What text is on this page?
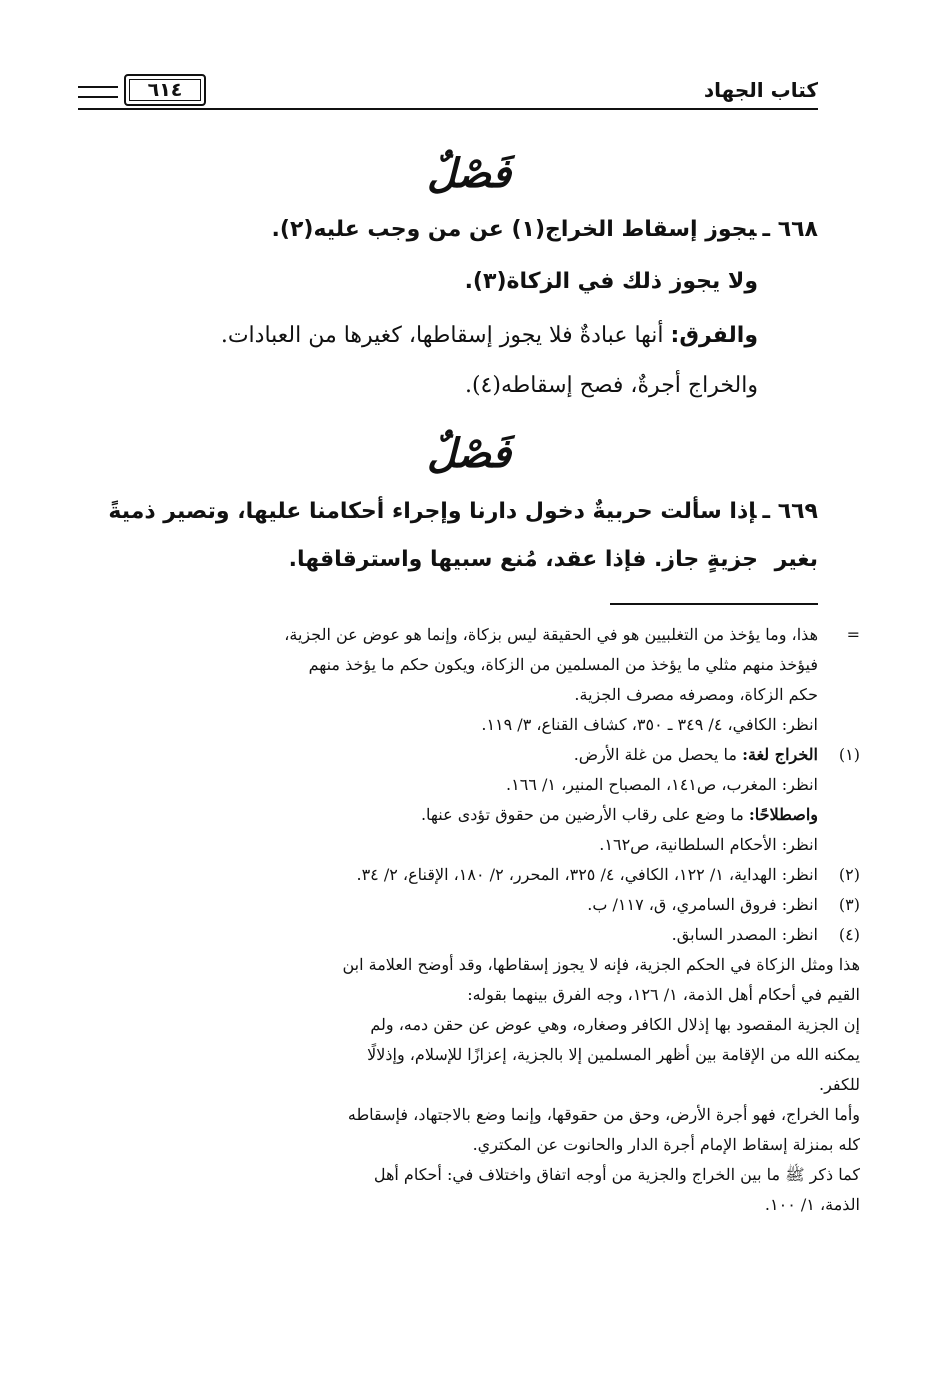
كتاب الجهاد
٦١٤
فَصْلٌ
٦٦٨ ـيجوز إسقاط الخراج(١) عن من وجب عليه(٢).
ولا يجوز ذلك في الزكاة(٣).
والفرق: أنها عبادةٌ فلا يجوز إسقاطها، كغيرها من العبادات.
والخراج أجرةٌ، فصح إسقاطه(٤).
فَصْلٌ
٦٦٩ ـإذا سألت حربيةٌ دخول دارنا وإجراء أحكامنا عليها، وتصير ذميةً بغير
جزيةٍ جاز. فإذا عقد، مُنع سبيها واسترقاقها.
=
هذا، وما يؤخذ من التغلبيين هو في الحقيقة ليس بزكاة، وإنما هو عوض عن الجزية،
فيؤخذ منهم مثلي ما يؤخذ من المسلمين من الزكاة، ويكون حكم ما يؤخذ منهم
حكم الزكاة، ومصرفه مصرف الجزية.
انظر: الكافي، ٤/ ٣٤٩ ـ ٣٥٠، كشاف القناع، ٣/ ١١٩.
(١)
الخراج لغة: ما يحصل من غلة الأرض.
انظر: المغرب، ص١٤١، المصباح المنير، ١/ ١٦٦.
واصطلاحًا: ما وضع على رقاب الأرضين من حقوق تؤدى عنها.
انظر: الأحكام السلطانية، ص١٦٢.
(٢)
انظر: الهداية، ١/ ١٢٢، الكافي، ٤/ ٣٢٥، المحرر، ٢/ ١٨٠، الإقناع، ٢/ ٣٤.
(٣)
انظر: فروق السامري، ق، ١١٧/ ب.
(٤)
انظر: المصدر السابق.
هذا ومثل الزكاة في الحكم الجزية، فإنه لا يجوز إسقاطها، وقد أوضح العلامة ابن
القيم في أحكام أهل الذمة، ١/ ١٢٦، وجه الفرق بينهما بقوله:
إن الجزية المقصود بها إذلال الكافر وصغاره، وهي عوض عن حقن دمه، ولم
يمكنه الله من الإقامة بين أظهر المسلمين إلا بالجزية، إعزازًا للإسلام، وإذلالًا
للكفر.
وأما الخراج، فهو أجرة الأرض، وحق من حقوقها، وإنما وضع بالاجتهاد، فإسقاطه
كله بمنزلة إسقاط الإمام أجرة الدار والحانوت عن المكتري.
كما ذكر ﷺ ما بين الخراج والجزية من أوجه اتفاق واختلاف في: أحكام أهل
الذمة، ١/ ١٠٠.
